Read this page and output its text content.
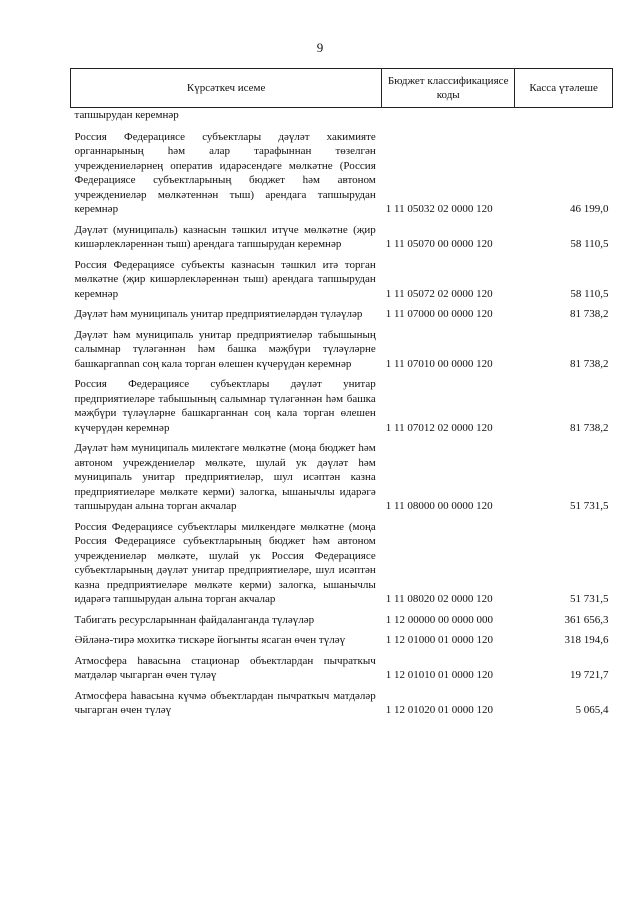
9
Күрсәткеч исеме	Бюджет классификациясе коды	Касса үтәлеше
тапшырудан керемнәр		
Россия Федерациясе субъектлары дәүләт хакимияте органнарының һәм алар тарафыннан төзелгән учреждениеләрнең оператив идарәсендәге мөлкәтне (Россия Федерациясе субъектларының бюджет һәм автоном учреждениеләр мөлкәтеннән тыш) арендага тапшырудан керемнәр	1 11 05032 02 0000 120	46 199,0
Дәүләт (муниципаль) казнасын тәшкил итүче мөлкәтне (җир кишәрлекләреннән тыш) арендага тапшырудан керемнәр	1 11 05070 00 0000 120	58 110,5
Россия Федерациясе субъекты казнасын тәшкил итә торган мөлкәтне (җир кишәрлекләреннән тыш) арендага тапшырудан керемнәр	1 11 05072 02 0000 120	58 110,5
Дәүләт һәм муниципаль унитар предприятиеләрдән түләүләр	1 11 07000 00 0000 120	81 738,2
Дәүләт һәм муниципаль унитар предприятиеләр табышының салымнар түләгәннән һәм башка мәҗбүри түләүләрне башкаргannan соң кала торган өлешен күчерүдән керемнәр	1 11 07010 00 0000 120	81 738,2
Россия Федерациясе субъектлары дәүләт унитар предприятиеләре табышының салымнар түләгәннән һәм башка мәҗбүри түләүләрне башкарганнан соң кала торган өлешен күчерүдән керемнәр	1 11 07012 02 0000 120	81 738,2
Дәүләт һәм муниципаль милектәге мөлкәтне (моңа бюджет һәм автоном учреждениеләр мөлкәте, шулай ук дәүләт һәм муниципаль унитар предприятиеләр, шул исәптән казна предприятиеләре мөлкәте керми) залогка, ышанычлы идарәгә тапшырудан алына торган акчалар	1 11 08000 00 0000 120	51 731,5
Россия Федерациясе субъектлары милкендәге мөлкәтне (моңа Россия Федерациясе субъектларының бюджет һәм автоном учреждениеләр мөлкәте, шулай ук Россия Федерациясе субъектларының дәүләт унитар предприятиеләре, шул исәптән казна предприятиеләре мөлкәте керми) залогка, ышанычлы идарәгә тапшырудан алына торган акчалар	1 11 08020 02 0000 120	51 731,5
Табигать ресурсларыннан файдаланганда түләүләр	1 12 00000 00 0000 000	361 656,3
Әйләнә-тирә мохиткә тискәре йогынты ясаган өчен түләү	1 12 01000 01 0000 120	318 194,6
Атмосфера һавасына стационар объектлардан пычраткыч матдәләр чыгарган өчен түләү	1 12 01010 01 0000 120	19 721,7
Атмосфера һавасына күчмә объектлардан пычраткыч матдәләр чыгарган өчен түләү	1 12 01020 01 0000 120	5 065,4
